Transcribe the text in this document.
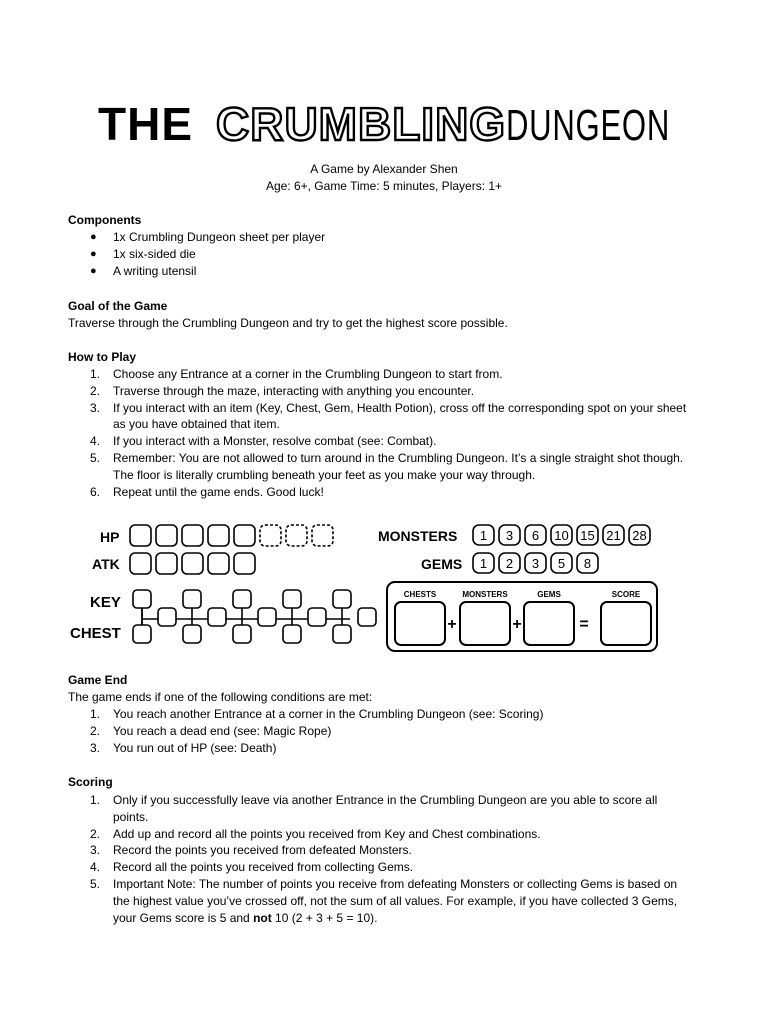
THE CRUMBLING DUNGEON
A Game by Alexander Shen
Age: 6+, Game Time: 5 minutes, Players: 1+
Components
●	1x Crumbling Dungeon sheet per player
●	1x six-sided die
●	A writing utensil
Goal of the Game
Traverse through the Crumbling Dungeon and try to get the highest score possible.
How to Play
1.	Choose any Entrance at a corner in the Crumbling Dungeon to start from.
2.	Traverse through the maze, interacting with anything you encounter.
3.	If you interact with an item (Key, Chest, Gem, Health Potion), cross off the corresponding spot on your sheet as you have obtained that item.
4.	If you interact with a Monster, resolve combat (see: Combat).
5.	Remember: You are not allowed to turn around in the Crumbling Dungeon. It’s a single straight shot though. The floor is literally crumbling beneath your feet as you make your way through.
6.	Repeat until the game ends. Good luck!
HP
ATK
KEY
CHEST
MONSTERS
GEMS
1 3 6 10 15 21 28
1 2 3 5 8
CHESTS	MONSTERS	GEMS	SCORE
+	+	=
Game End
The game ends if one of the following conditions are met:
1.	You reach another Entrance at a corner in the Crumbling Dungeon (see: Scoring)
2.	You reach a dead end (see: Magic Rope)
3.	You run out of HP (see: Death)
Scoring
1.	Only if you successfully leave via another Entrance in the Crumbling Dungeon are you able to score all points.
2.	Add up and record all the points you received from Key and Chest combinations.
3.	Record the points you received from defeated Monsters.
4.	Record all the points you received from collecting Gems.
5.	Important Note: The number of points you receive from defeating Monsters or collecting Gems is based on the highest value you’ve crossed off, not the sum of all values. For example, if you have collected 3 Gems, your Gems score is 5 and not 10 (2 + 3 + 5 = 10).
